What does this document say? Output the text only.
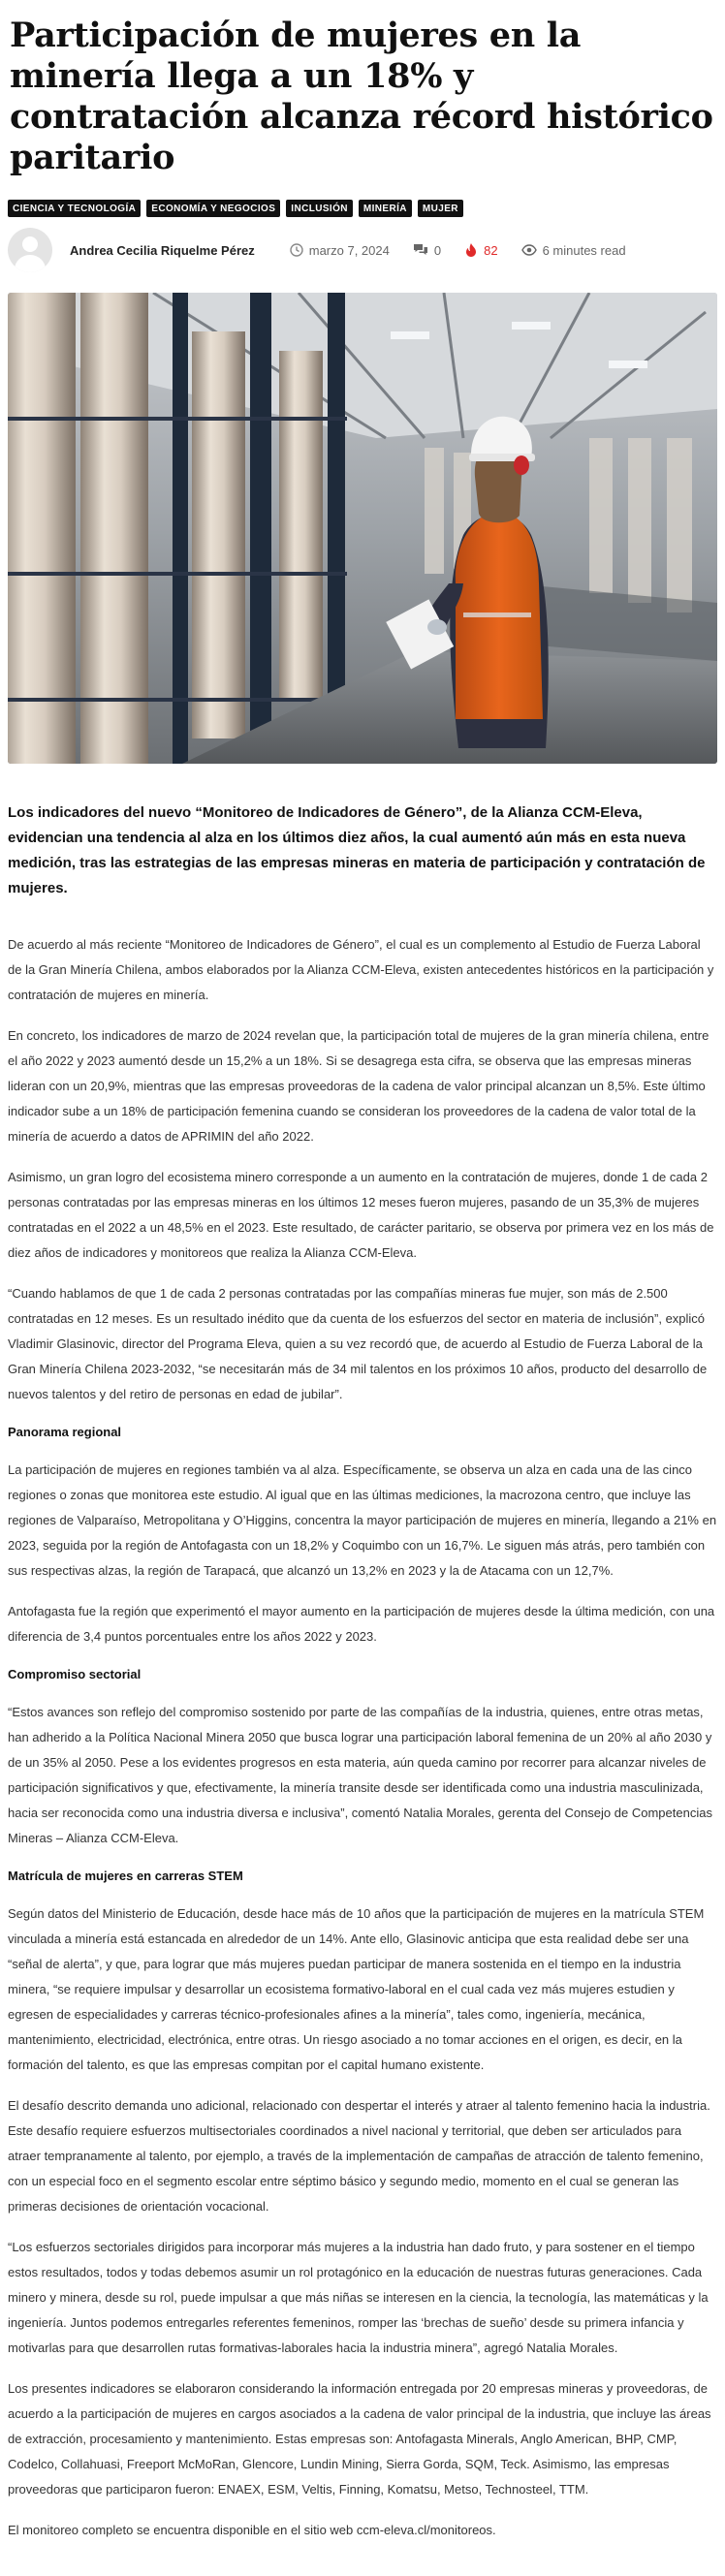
Participación de mujeres en la minería llega a un 18% y contratación alcanza récord histórico paritario
CIENCIA Y TECNOLOGÍA	ECONOMÍA Y NEGOCIOS	INCLUSIÓN	MINERÍA	MUJER
Andrea Cecilia Riquelme Pérez	marzo 7, 2024	0	82	6 minutes read

Los indicadores del nuevo “Monitoreo de Indicadores de Género”, de la Alianza CCM-Eleva, evidencian una tendencia al alza en los últimos diez años, la cual aumentó aún más en esta nueva medición, tras las estrategias de las empresas mineras en materia de participación y contratación de mujeres.

De acuerdo al más reciente “Monitoreo de Indicadores de Género”, el cual es un complemento al Estudio de Fuerza Laboral de la Gran Minería Chilena, ambos elaborados por la Alianza CCM-Eleva, existen antecedentes históricos en la participación y contratación de mujeres en minería.

En concreto, los indicadores de marzo de 2024 revelan que, la participación total de mujeres de la gran minería chilena, entre el año 2022 y 2023 aumentó desde un 15,2% a un 18%. Si se desagrega esta cifra, se observa que las empresas mineras lideran con un 20,9%, mientras que las empresas proveedoras de la cadena de valor principal alcanzan un 8,5%. Este último indicador sube a un 18% de participación femenina cuando se consideran los proveedores de la cadena de valor total de la minería de acuerdo a datos de APRIMIN del año 2022.

Asimismo, un gran logro del ecosistema minero corresponde a un aumento en la contratación de mujeres, donde 1 de cada 2 personas contratadas por las empresas mineras en los últimos 12 meses fueron mujeres, pasando de un 35,3% de mujeres contratadas en el 2022 a un 48,5% en el 2023. Este resultado, de carácter paritario, se observa por primera vez en los más de diez años de indicadores y monitoreos que realiza la Alianza CCM-Eleva.

“Cuando hablamos de que 1 de cada 2 personas contratadas por las compañías mineras fue mujer, son más de 2.500 contratadas en 12 meses. Es un resultado inédito que da cuenta de los esfuerzos del sector en materia de inclusión”, explicó Vladimir Glasinovic, director del Programa Eleva, quien a su vez recordó que, de acuerdo al Estudio de Fuerza Laboral de la Gran Minería Chilena 2023-2032, “se necesitarán más de 34 mil talentos en los próximos 10 años, producto del desarrollo de nuevos talentos y del retiro de personas en edad de jubilar”.

Panorama regional

La participación de mujeres en regiones también va al alza. Específicamente, se observa un alza en cada una de las cinco regiones o zonas que monitorea este estudio. Al igual que en las últimas mediciones, la macrozona centro, que incluye las regiones de Valparaíso, Metropolitana y O’Higgins, concentra la mayor participación de mujeres en minería, llegando a 21% en 2023, seguida por la región de Antofagasta con un 18,2% y Coquimbo con un 16,7%. Le siguen más atrás, pero también con sus respectivas alzas, la región de Tarapacá, que alcanzó un 13,2% en 2023 y la de Atacama con un 12,7%.

Antofagasta fue la región que experimentó el mayor aumento en la participación de mujeres desde la última medición, con una diferencia de 3,4 puntos porcentuales entre los años 2022 y 2023.

Compromiso sectorial

“Estos avances son reflejo del compromiso sostenido por parte de las compañías de la industria, quienes, entre otras metas, han adherido a la Política Nacional Minera 2050 que busca lograr una participación laboral femenina de un 20% al año 2030 y de un 35% al 2050. Pese a los evidentes progresos en esta materia, aún queda camino por recorrer para alcanzar niveles de participación significativos y que, efectivamente, la minería transite desde ser identificada como una industria masculinizada, hacia ser reconocida como una industria diversa e inclusiva”, comentó Natalia Morales, gerenta del Consejo de Competencias Mineras – Alianza CCM-Eleva.

Matrícula de mujeres en carreras STEM

Según datos del Ministerio de Educación, desde hace más de 10 años que la participación de mujeres en la matrícula STEM vinculada a minería está estancada en alrededor de un 14%. Ante ello, Glasinovic anticipa que esta realidad debe ser una “señal de alerta”, y que, para lograr que más mujeres puedan participar de manera sostenida en el tiempo en la industria minera, “se requiere impulsar y desarrollar un ecosistema formativo-laboral en el cual cada vez más mujeres estudien y egresen de especialidades y carreras técnico-profesionales afines a la minería”, tales como, ingeniería, mecánica, mantenimiento, electricidad, electrónica, entre otras. Un riesgo asociado a no tomar acciones en el origen, es decir, en la formación del talento, es que las empresas compitan por el capital humano existente.

El desafío descrito demanda uno adicional, relacionado con despertar el interés y atraer al talento femenino hacia la industria. Este desafío requiere esfuerzos multisectoriales coordinados a nivel nacional y territorial, que deben ser articulados para atraer tempranamente al talento, por ejemplo, a través de la implementación de campañas de atracción de talento femenino, con un especial foco en el segmento escolar entre séptimo básico y segundo medio, momento en el cual se generan las primeras decisiones de orientación vocacional.

“Los esfuerzos sectoriales dirigidos para incorporar más mujeres a la industria han dado fruto, y para sostener en el tiempo estos resultados, todos y todas debemos asumir un rol protagónico en la educación de nuestras futuras generaciones. Cada minero y minera, desde su rol, puede impulsar a que más niñas se interesen en la ciencia, la tecnología, las matemáticas y la ingeniería. Juntos podemos entregarles referentes femeninos, romper las ‘brechas de sueño’ desde su primera infancia y motivarlas para que desarrollen rutas formativas-laborales hacia la industria minera”, agregó Natalia Morales.

Los presentes indicadores se elaboraron considerando la información entregada por 20 empresas mineras y proveedoras, de acuerdo a la participación de mujeres en cargos asociados a la cadena de valor principal de la industria, que incluye las áreas de extracción, procesamiento y mantenimiento. Estas empresas son: Antofagasta Minerals, Anglo American, BHP, CMP, Codelco, Collahuasi, Freeport McMoRan, Glencore, Lundin Mining, Sierra Gorda, SQM, Teck. Asimismo, las empresas proveedoras que participaron fueron: ENAEX, ESM, Veltis, Finning, Komatsu, Metso, Technosteel, TTM.

El monitoreo completo se encuentra disponible en el sitio web ccm-eleva.cl/monitoreos.
